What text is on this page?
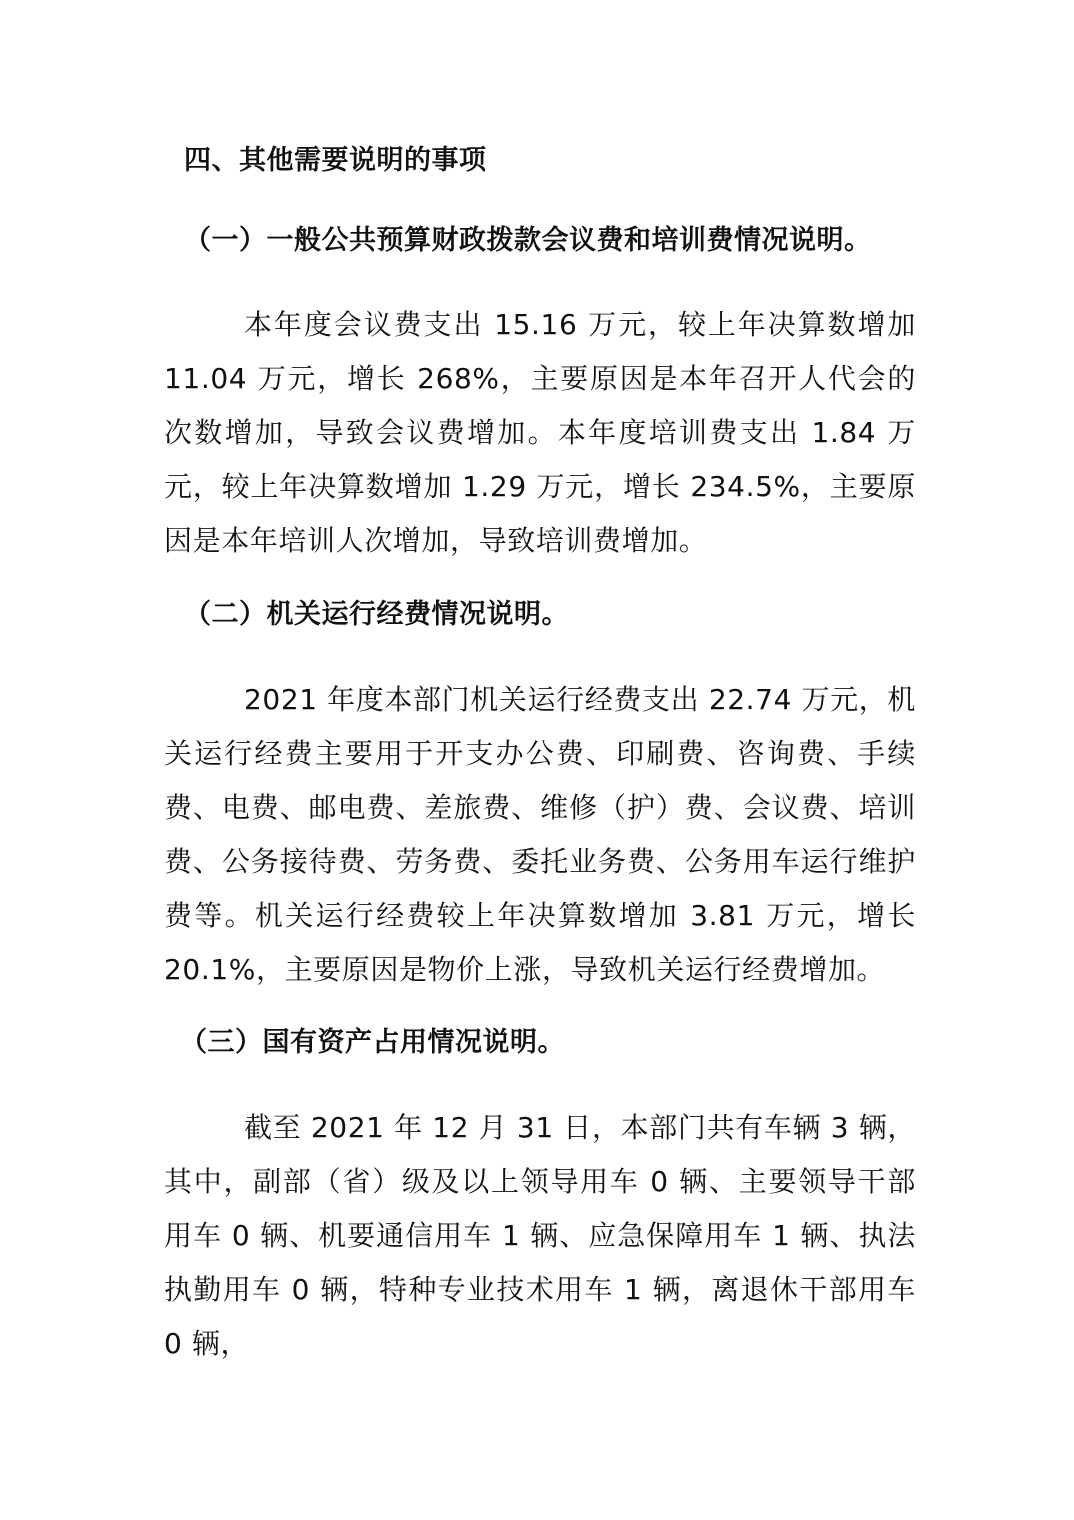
四、其他需要说明的事项
（一）一般公共预算财政拨款会议费和培训费情况说明。

本年度会议费支出 15.16 万元，较上年决算数增加 11.04 万元，增长 268%，主要原因是本年召开人代会的次数增加，导致会议费增加。本年度培训费支出 1.84 万元，较上年决算数增加 1.29 万元，增长 234.5%，主要原因是本年培训人次增加，导致培训费增加。

（二）机关运行经费情况说明。

2021 年度本部门机关运行经费支出 22.74 万元，机关运行经费主要用于开支办公费、印刷费、咨询费、手续费、电费、邮电费、差旅费、维修（护）费、会议费、培训费、公务接待费、劳务费、委托业务费、公务用车运行维护费等。机关运行经费较上年决算数增加 3.81 万元，增长 20.1%，主要原因是物价上涨，导致机关运行经费增加。

（三）国有资产占用情况说明。

截至 2021 年 12 月 31 日，本部门共有车辆 3 辆，其中，副部（省）级及以上领导用车 0 辆、主要领导干部用车 0 辆、机要通信用车 1 辆、应急保障用车 1 辆、执法执勤用车 0 辆，特种专业技术用车 1 辆，离退休干部用车 0 辆，
